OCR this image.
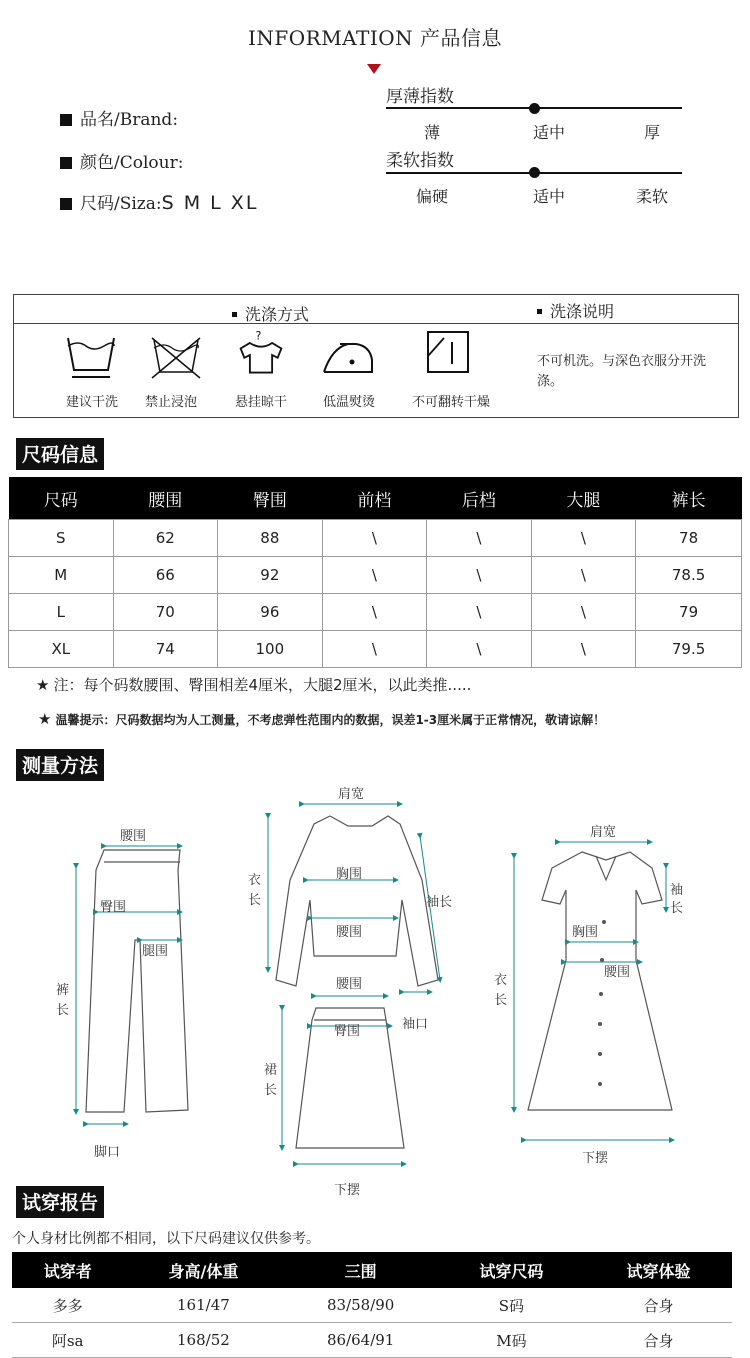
INFORMATION 产品信息
品名/Brand:
颜色/Colour:
尺码/Siza:S M L XL
厚薄指数
薄	适中	厚
柔软指数
偏硬	适中	柔软
洗涤方式	洗涤说明
?
建议干洗	禁止浸泡	悬挂晾干	低温熨烫	不可翻转干燥
不可机洗。与深色衣服分开洗涤。
尺码信息
尺码	腰围	臀围	前档	后档	大腿	裤长
S	62	88	\	\	\	78
M	66	92	\	\	\	78.5
L	70	96	\	\	\	79
XL	74	100	\	\	\	79.5
★ 注：每个码数腰围、臀围相差4厘米，大腿2厘米，以此类推.....
★ 温馨提示：尺码数据均为人工测量，不考虑弹性范围内的数据，误差1-3厘米属于正常情况，敬请谅解！
测量方法
腰围
臀围
腿围
裤
长
脚口
肩宽
衣
长
胸围
腰围
袖长
袖口
腰围
臀围
裙
长
下摆
肩宽
袖
长
胸围
腰围
衣
长
下摆
试穿报告
个人身材比例都不相同，以下尺码建议仅供参考。
试穿者	身高/体重	三围	试穿尺码	试穿体验
多多	161/47	83/58/90	S码	合身
阿sa	168/52	86/64/91	M码	合身
